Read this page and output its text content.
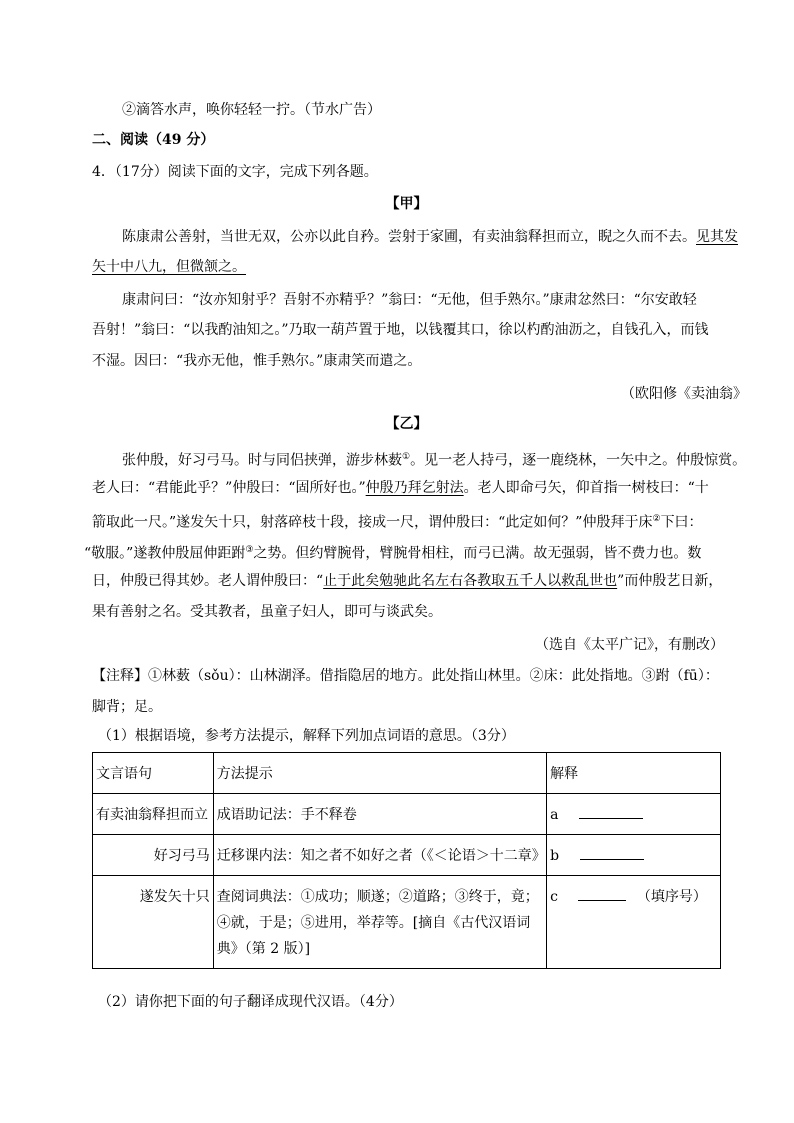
②滴答水声，唤你轻轻一拧。（节水广告）
二、阅读（49 分）
4．（17分）阅读下面的文字，完成下列各题。
【甲】
陈康肃公善射，当世无双，公亦以此自矜。尝射于家圃，有卖油翁释担而立，睨之久而不去。见其发
矢十中八九，但微颔之。
康肃问曰：“汝亦知射乎？吾射不亦精乎？”翁曰：“无他，但手熟尔。”康肃忿然曰：“尔安敢轻
吾射！”翁曰：“以我酌油知之。”乃取一葫芦置于地，以钱覆其口，徐以杓酌油沥之，自钱孔入，而钱
不湿。因曰：“我亦无他，惟手熟尔。”康肃笑而遣之。
（欧阳修《卖油翁》
【乙】
张仲殷，好习弓马。时与同侣挟弹，游步林薮①。见一老人持弓，逐一鹿绕林，一矢中之。仲殷惊赏。
老人曰：“君能此乎？”仲殷曰：“固所好也。”仲殷乃拜乞射法。老人即命弓矢，仰首指一树枝曰：“十
箭取此一尺。”遂发矢十只，射落碎枝十段，接成一尺，谓仲殷曰：“此定如何？”仲殷拜于床②下曰：
“敬服。”遂教仲殷屈伸距跗③之势。但约臂腕骨，臂腕骨相柱，而弓已满。故无强弱，皆不费力也。数
日，仲殷已得其妙。老人谓仲殷曰：“止于此矣勉驰此名左右各教取五千人以救乱世也”而仲殷艺日新，
果有善射之名。受其教者，虽童子妇人，即可与谈武矣。
（选自《太平广记》，有删改）
【注释】①林薮（sǒu）：山林湖泽。借指隐居的地方。此处指山林里。②床：此处指地。③跗（fū）：
脚背；足。
（1）根据语境，参考方法提示，解释下列加点词语的意思。（3分）
文言语句	方法提示	解释
有卖油翁释担而立	成语助记法：手不释卷	a
好习弓马	迁移课内法：知之者不如好之者（《＜论语＞十二章》	b
遂发矢十只	查阅词典法：①成功；顺遂；②道路；③终于，竟；④就，于是；⑤进用，举荐等。[摘自《古代汉语词典》（第 2 版）]	c （填序号）
（2）请你把下面的句子翻译成现代汉语。（4分）
